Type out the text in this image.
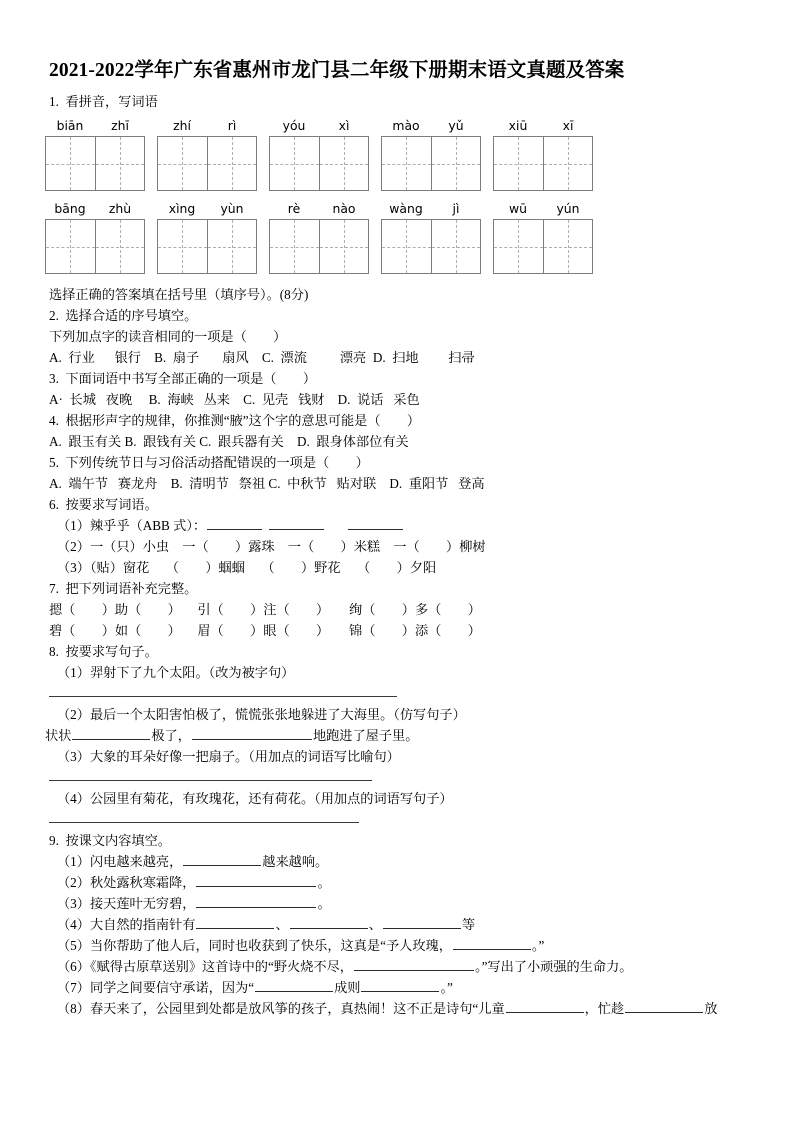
2021-2022学年广东省惠州市龙门县二年级下册期末语文真题及答案
1.  看拼音，写词语
biān	zhī	zhí	rì	yóu	xì	mào	yǔ	xiū	xī
bāng	zhù	xìng	yùn	rè	nào	wàng	jì	wū	yún
选择正确的答案填在括号里（填序号）。(8分)
2.  选择合适的序号填空。
下列加点字的读音相同的一项是（        ）
A.  行业      银行    B.  扇子       扇风    C.  漂流          漂亮  D.  扫地         扫帚
3.  下面词语中书写全部正确的一项是（        ）
A·  长城   夜晚     B.  海峡   丛来    C.  见壳   钱财    D.  说话   采色
4.  根据形声字的规律，你推测“腋”这个字的意思可能是（        ）
A.  跟玉有关 B.  跟钱有关 C.  跟兵器有关    D.  跟身体部位有关
5.  下列传统节日与习俗活动搭配错误的一项是（        ）
A.  端午节   赛龙舟    B.  清明节   祭祖 C.  中秋节   贴对联    D.  重阳节   登高
6.  按要求写词语。
（1）辣乎乎（ABB 式）：		
（2）一（只）小虫    一（        ）露珠    一（        ）米糕    一（        ）柳树
（3）（贴）窗花     （        ）蝈蝈     （        ）野花     （        ）夕阳
7.  把下列词语补充完整。
摁（        ）助（        ）     引（        ）注（        ）      绚（        ）多（        ）
碧（        ）如（        ）     眉（        ）眼（        ）      锦（        ）添（        ）
8.  按要求写句子。
（1）羿射下了九个太阳。（改为被字句）
（2）最后一个太阳害怕极了，慌慌张张地躲进了大海里。（仿写句子）
状状	极了，	地跑进了屋子里。
（3）大象的耳朵好像一把扇子。（用加点的词语写比喻句）
（4）公园里有菊花，有玫瑰花，还有荷花。（用加点的词语写句子）
9.  按课文内容填空。
（1）闪电越来越亮，	越来越响。
（2）秋处露秋寒霜降，	。
（3）接天莲叶无穷碧，	。
（4）大自然的指南针有	、	、	等
（5）当你帮助了他人后，同时也收获到了快乐，这真是“予人玫瑰，	。”
（6）《赋得古原草送别》这首诗中的“野火烧不尽，	。”写出了小顽强的生命力。
（7）同学之间要信守承诺，因为“	成则	。”
（8）春天来了，公园里到处都是放风筝的孩子，真热闹！这不正是诗句“儿童	，忙趁	放
